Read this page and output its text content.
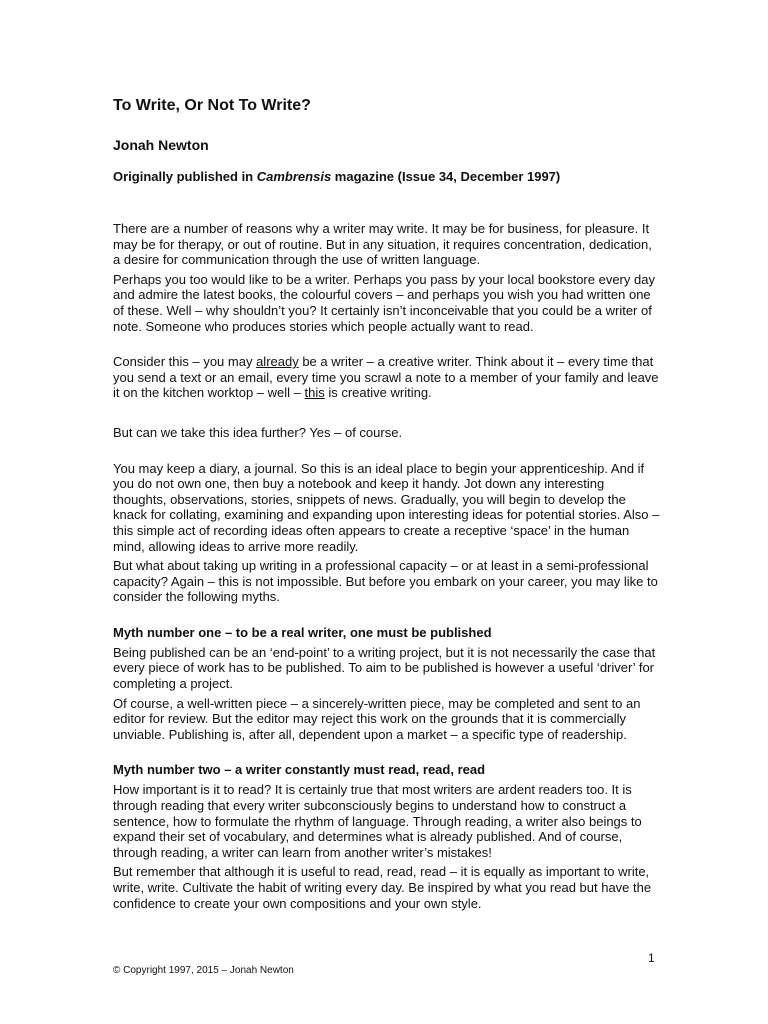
To Write, Or Not To Write?
Jonah Newton
Originally published in Cambrensis magazine (Issue 34, December 1997)

There are a number of reasons why a writer may write. It may be for business, for pleasure. It may be for therapy, or out of routine. But in any situation, it requires concentration, dedication, a desire for communication through the use of written language.

Perhaps you too would like to be a writer. Perhaps you pass by your local bookstore every day and admire the latest books, the colourful covers – and perhaps you wish you had written one of these. Well – why shouldn’t you? It certainly isn’t inconceivable that you could be a writer of note. Someone who produces stories which people actually want to read.

Consider this – you may already be a writer – a creative writer. Think about it – every time that you send a text or an email, every time you scrawl a note to a member of your family and leave it on the kitchen worktop – well – this is creative writing.

But can we take this idea further? Yes – of course.

You may keep a diary, a journal. So this is an ideal place to begin your apprenticeship. And if you do not own one, then buy a notebook and keep it handy. Jot down any interesting thoughts, observations, stories, snippets of news. Gradually, you will begin to develop the knack for collating, examining and expanding upon interesting ideas for potential stories. Also – this simple act of recording ideas often appears to create a receptive ‘space’ in the human mind, allowing ideas to arrive more readily.

But what about taking up writing in a professional capacity – or at least in a semi-professional capacity? Again – this is not impossible. But before you embark on your career, you may like to consider the following myths.

Myth number one – to be a real writer, one must be published

Being published can be an ‘end-point’ to a writing project, but it is not necessarily the case that every piece of work has to be published. To aim to be published is however a useful ‘driver’ for completing a project.

Of course, a well-written piece – a sincerely-written piece, may be completed and sent to an editor for review. But the editor may reject this work on the grounds that it is commercially unviable. Publishing is, after all, dependent upon a market – a specific type of readership.

Myth number two – a writer constantly must read, read, read

How important is it to read? It is certainly true that most writers are ardent readers too. It is through reading that every writer subconsciously begins to understand how to construct a sentence, how to formulate the rhythm of language. Through reading, a writer also beings to expand their set of vocabulary, and determines what is already published. And of course, through reading, a writer can learn from another writer’s mistakes!

But remember that although it is useful to read, read, read – it is equally as important to write, write, write. Cultivate the habit of writing every day. Be inspired by what you read but have the confidence to create your own compositions and your own style.

1
© Copyright 1997, 2015 – Jonah Newton
